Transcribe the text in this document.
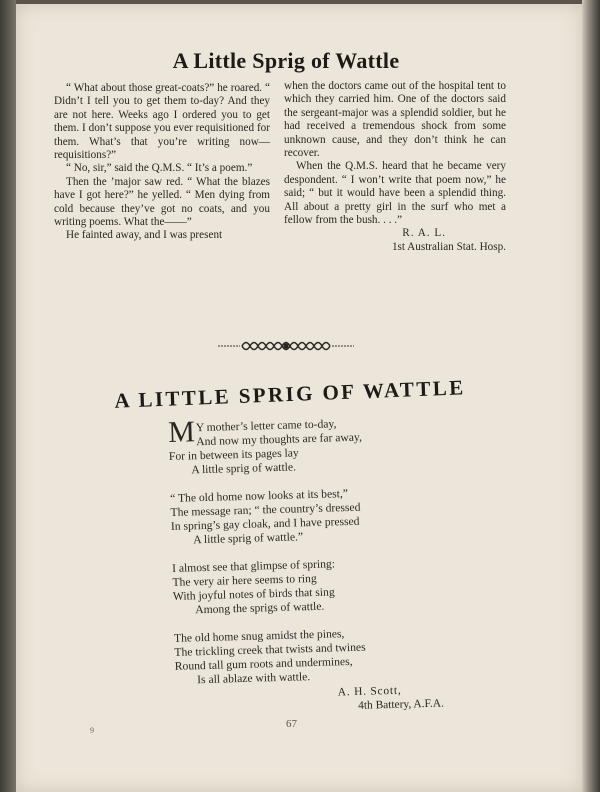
A Little Sprig of Wattle

“ What about those great-coats?” he roared. “ Didn’t I tell you to get them to-day? And they are not here. Weeks ago I ordered you to get them. I don’t suppose you ever requisitioned for them. What’s that you’re writing now—requisitions?”

“ No, sir,” said the Q.M.S. “ It’s a poem.”

Then the ’major saw red. “ What the blazes have I got here?” he yelled. “ Men dying from cold because they’ve got no coats, and you writing poems. What the——”

He fainted away, and I was present

when the doctors came out of the hospital tent to which they carried him. One of the doctors said the sergeant-major was a splendid soldier, but he had received a tremendous shock from some unknown cause, and they don’t think he can recover.

When the Q.M.S. heard that he became very despondent. “ I won’t write that poem now,” he said; “ but it would have been a splendid thing. All about a pretty girl in the surf who met a fellow from the bush. . . .”

R. A. L.

1st Australian Stat. Hosp.

A LITTLE SPRIG OF WATTLE
M Y mother’s letter came to-day,
And now my thoughts are far away,
For in between its pages lay
A little sprig of wattle.
“ The old home now looks at its best,”
The message ran; “ the country’s dressed
In spring’s gay cloak, and I have pressed
A little sprig of wattle.”
I almost see that glimpse of spring:
The very air here seems to ring
With joyful notes of birds that sing
Among the sprigs of wattle.
The old home snug amidst the pines,
The trickling creek that twists and twines
Round tall gum roots and undermines,
Is all ablaze with wattle.
A. H. Scott,
4th Battery, A.F.A.
67
9
